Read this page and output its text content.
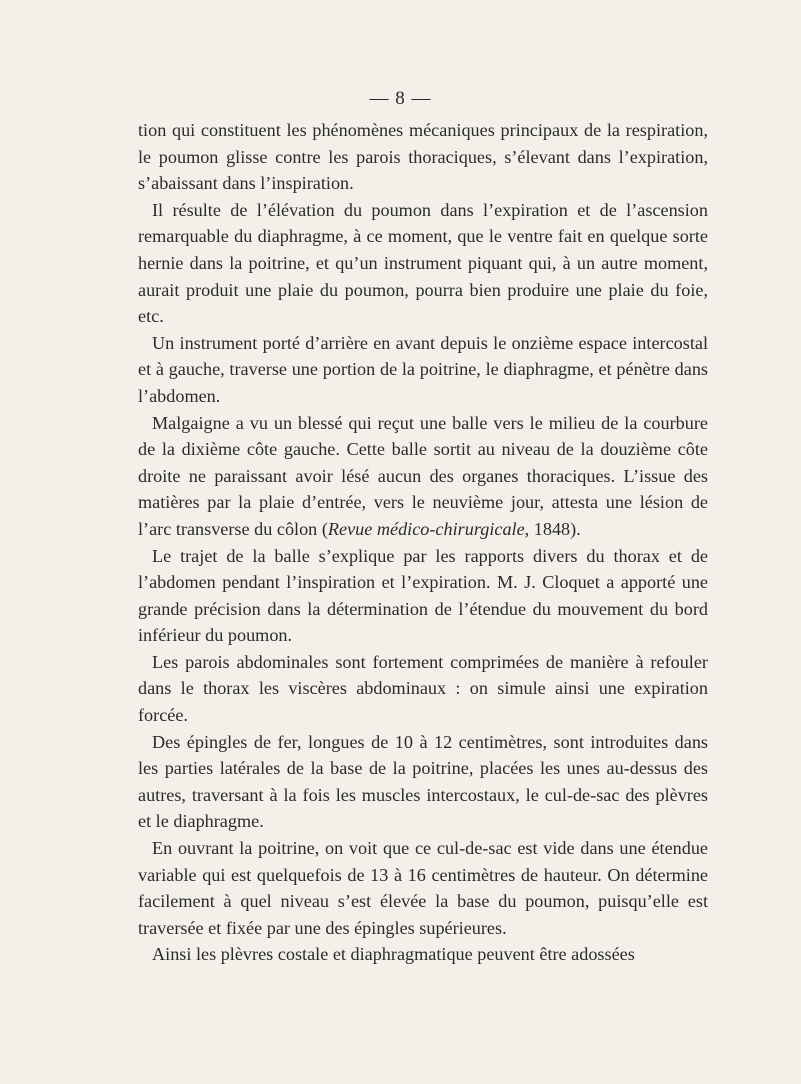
— 8 —

tion qui constituent les phénomènes mécaniques principaux de la respiration, le poumon glisse contre les parois thoraciques, s’élevant dans l’expiration, s’abaissant dans l’inspiration.

Il résulte de l’élévation du poumon dans l’expiration et de l’ascension remarquable du diaphragme, à ce moment, que le ventre fait en quelque sorte hernie dans la poitrine, et qu’un instrument piquant qui, à un autre moment, aurait produit une plaie du poumon, pourra bien produire une plaie du foie, etc.

Un instrument porté d’arrière en avant depuis le onzième espace intercostal et à gauche, traverse une portion de la poitrine, le diaphragme, et pénètre dans l’abdomen.

Malgaigne a vu un blessé qui reçut une balle vers le milieu de la courbure de la dixième côte gauche. Cette balle sortit au niveau de la douzième côte droite ne paraissant avoir lésé aucun des organes thoraciques. L’issue des matières par la plaie d’entrée, vers le neuvième jour, attesta une lésion de l’arc transverse du côlon (Revue médico-chirurgicale, 1848).

Le trajet de la balle s’explique par les rapports divers du thorax et de l’abdomen pendant l’inspiration et l’expiration. M. J. Cloquet a apporté une grande précision dans la détermination de l’étendue du mouvement du bord inférieur du poumon.

Les parois abdominales sont fortement comprimées de manière à refouler dans le thorax les viscères abdominaux : on simule ainsi une expiration forcée.

Des épingles de fer, longues de 10 à 12 centimètres, sont introduites dans les parties latérales de la base de la poitrine, placées les unes au-dessus des autres, traversant à la fois les muscles intercostaux, le cul-de-sac des plèvres et le diaphragme.

En ouvrant la poitrine, on voit que ce cul-de-sac est vide dans une étendue variable qui est quelquefois de 13 à 16 centimètres de hauteur. On détermine facilement à quel niveau s’est élevée la base du poumon, puisqu’elle est traversée et fixée par une des épingles supérieures.

Ainsi les plèvres costale et diaphragmatique peuvent être adossées
